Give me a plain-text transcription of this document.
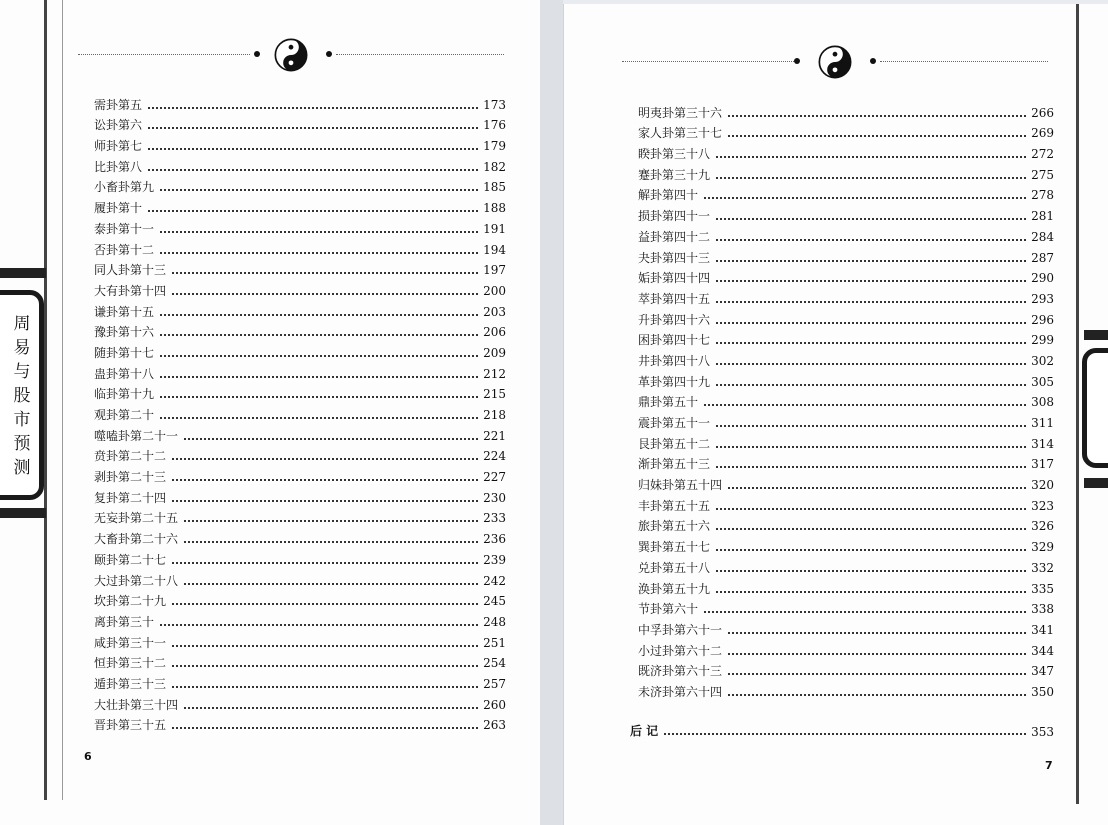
周
易
与
股
市
预
测
需卦第五	173
讼卦第六	176
师卦第七	179
比卦第八	182
小畜卦第九	185
履卦第十	188
泰卦第十一	191
否卦第十二	194
同人卦第十三	197
大有卦第十四	200
谦卦第十五	203
豫卦第十六	206
随卦第十七	209
蛊卦第十八	212
临卦第十九	215
观卦第二十	218
噬嗑卦第二十一	221
贲卦第二十二	224
剥卦第二十三	227
复卦第二十四	230
无妄卦第二十五	233
大畜卦第二十六	236
颐卦第二十七	239
大过卦第二十八	242
坎卦第二十九	245
离卦第三十	248
咸卦第三十一	251
恒卦第三十二	254
遁卦第三十三	257
大壮卦第三十四	260
晋卦第三十五	263
6
明夷卦第三十六	266
家人卦第三十七	269
睽卦第三十八	272
蹇卦第三十九	275
解卦第四十	278
损卦第四十一	281
益卦第四十二	284
夬卦第四十三	287
姤卦第四十四	290
萃卦第四十五	293
升卦第四十六	296
困卦第四十七	299
井卦第四十八	302
革卦第四十九	305
鼎卦第五十	308
震卦第五十一	311
艮卦第五十二	314
渐卦第五十三	317
归妹卦第五十四	320
丰卦第五十五	323
旅卦第五十六	326
巽卦第五十七	329
兑卦第五十八	332
涣卦第五十九	335
节卦第六十	338
中孚卦第六十一	341
小过卦第六十二	344
既济卦第六十三	347
未济卦第六十四	350
后 记	353
7
